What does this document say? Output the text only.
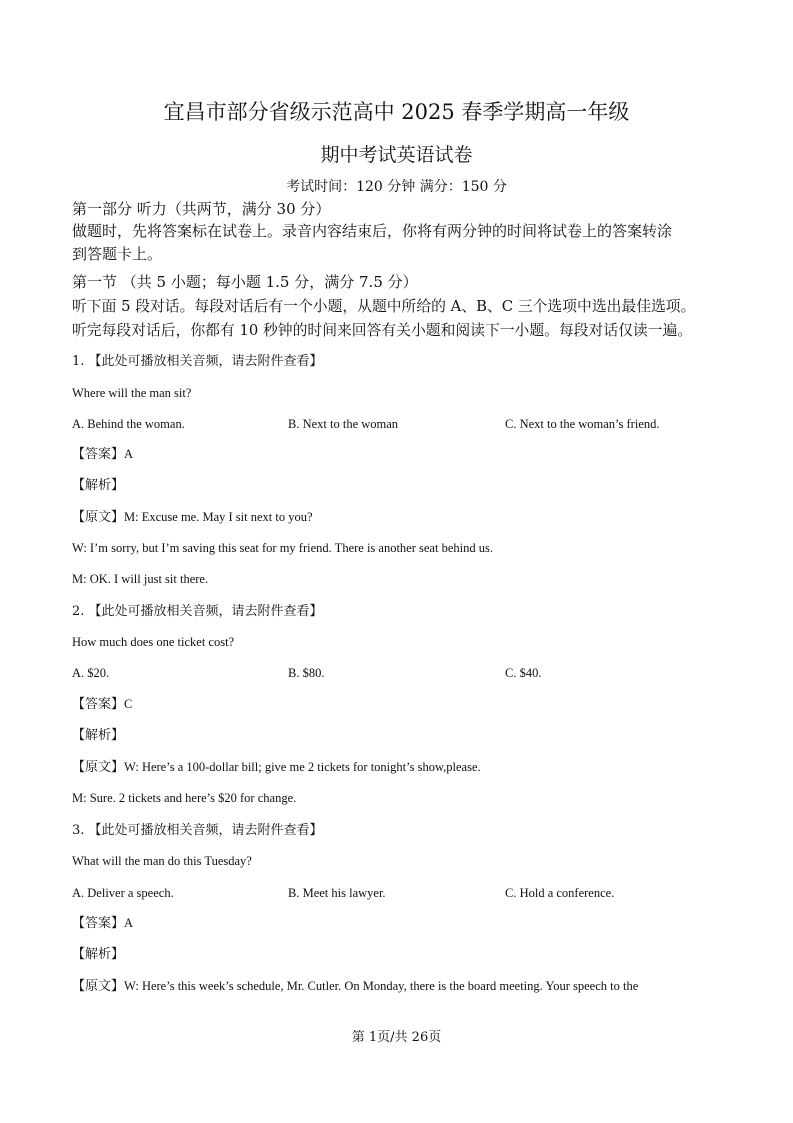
宜昌市部分省级示范高中 2025 春季学期高一年级
期中考试英语试卷
考试时间：120 分钟 满分：150 分
第一部分 听力（共两节，满分 30 分）
做题时，先将答案标在试卷上。录音内容结束后，你将有两分钟的时间将试卷上的答案转涂
到答题卡上。
第一节 （共 5 小题；每小题 1.5 分，满分 7.5 分）
听下面 5 段对话。每段对话后有一个小题，从题中所给的 A、B、C 三个选项中选出最佳选项。
听完每段对话后，你都有 10 秒钟的时间来回答有关小题和阅读下一小题。每段对话仅读一遍。
1. 【此处可播放相关音频，请去附件查看】
Where will the man sit?
A. Behind the woman.	B. Next to the woman	C. Next to the woman’s friend.
【答案】A
【解析】
【原文】M: Excuse me. May I sit next to you?
W: I’m sorry, but I’m saving this seat for my friend. There is another seat behind us.
M: OK. I will just sit there.
2. 【此处可播放相关音频，请去附件查看】
How much does one ticket cost?
A. $20.	B. $80.	C. $40.
【答案】C
【解析】
【原文】W: Here’s a 100-dollar bill; give me 2 tickets for tonight’s show,please.
M: Sure. 2 tickets and here’s $20 for change.
3. 【此处可播放相关音频，请去附件查看】
What will the man do this Tuesday?
A. Deliver a speech.	B. Meet his lawyer.	C. Hold a conference.
【答案】A
【解析】
【原文】W: Here’s this week’s schedule, Mr. Cutler. On Monday, there is the board meeting. Your speech to the
第 1页/共 26页
